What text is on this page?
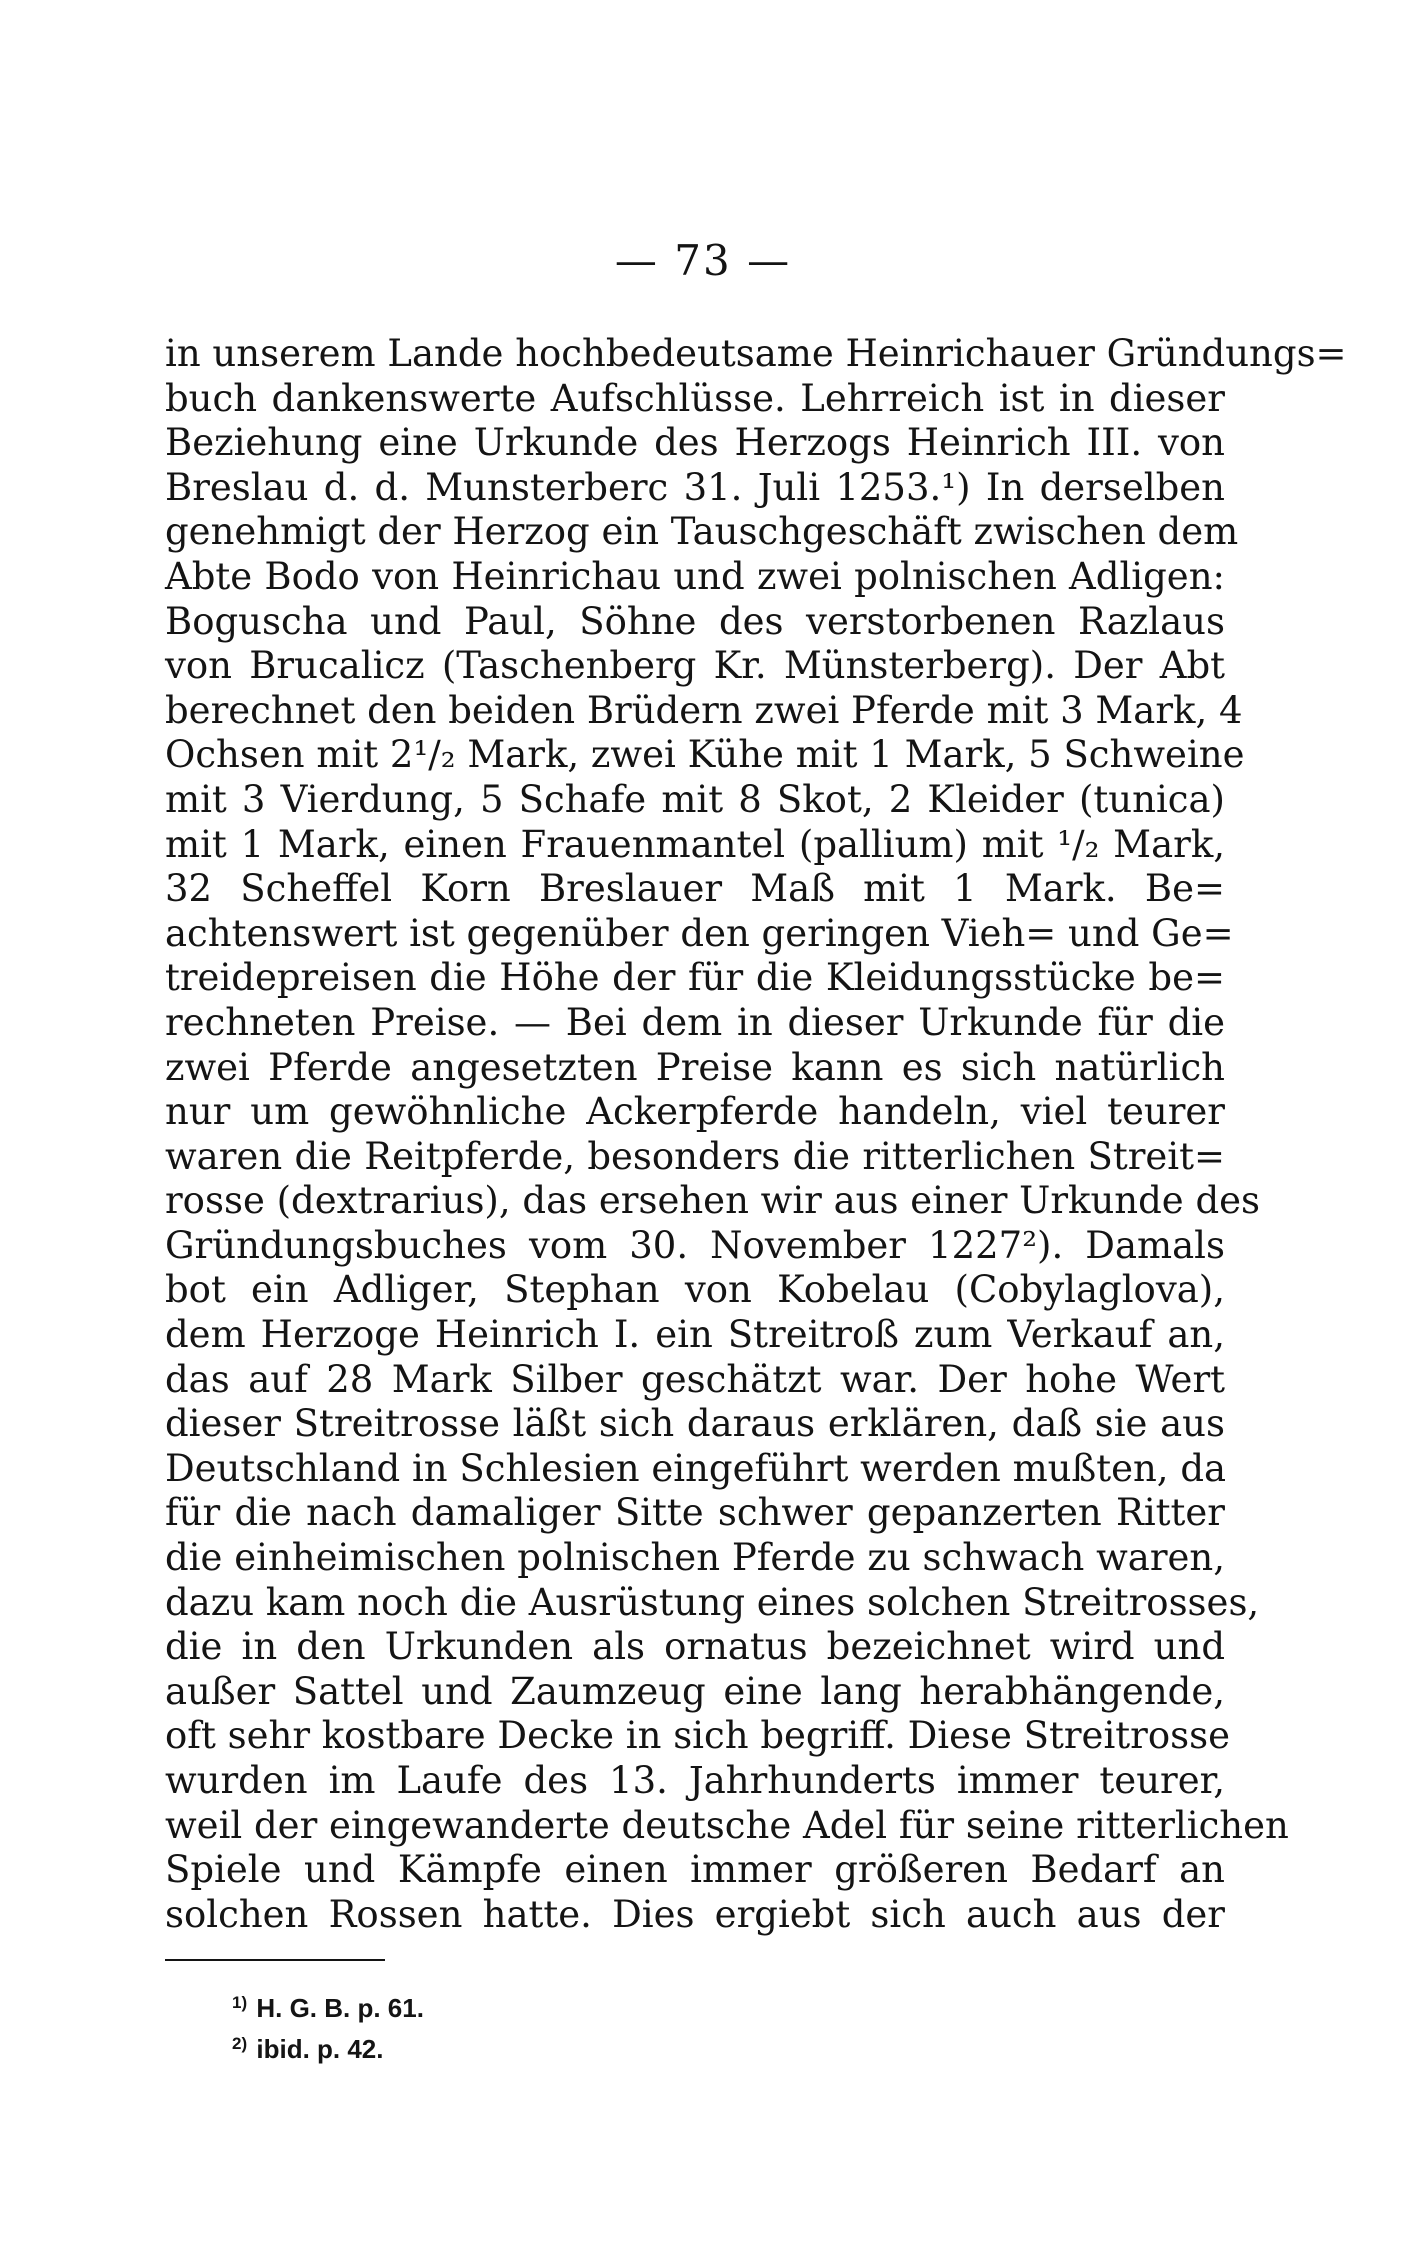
— 73 —
in unserem Lande hochbedeutsame Heinrichauer Gründungs=
buch dankenswerte Aufschlüsse. Lehrreich ist in dieser
Beziehung eine Urkunde des Herzogs Heinrich III. von
Breslau d. d. Munsterberc 31. Juli 1253.¹) In derselben
genehmigt der Herzog ein Tauschgeschäft zwischen dem
Abte Bodo von Heinrichau und zwei polnischen Adligen:
Boguscha und Paul, Söhne des verstorbenen Razlaus
von Brucalicz (Taschenberg Kr. Münsterberg). Der Abt
berechnet den beiden Brüdern zwei Pferde mit 3 Mark, 4
Ochsen mit 2¹/₂ Mark, zwei Kühe mit 1 Mark, 5 Schweine
mit 3 Vierdung, 5 Schafe mit 8 Skot, 2 Kleider (tunica)
mit 1 Mark, einen Frauenmantel (pallium) mit ¹/₂ Mark,
32 Scheffel Korn Breslauer Maß mit 1 Mark. Be=
achtenswert ist gegenüber den geringen Vieh= und Ge=
treidepreisen die Höhe der für die Kleidungsstücke be=
rechneten Preise. — Bei dem in dieser Urkunde für die
zwei Pferde angesetzten Preise kann es sich natürlich
nur um gewöhnliche Ackerpferde handeln, viel teurer
waren die Reitpferde, besonders die ritterlichen Streit=
rosse (dextrarius), das ersehen wir aus einer Urkunde des
Gründungsbuches vom 30. November 1227²). Damals
bot ein Adliger, Stephan von Kobelau (Cobylaglova),
dem Herzoge Heinrich I. ein Streitroß zum Verkauf an,
das auf 28 Mark Silber geschätzt war. Der hohe Wert
dieser Streitrosse läßt sich daraus erklären, daß sie aus
Deutschland in Schlesien eingeführt werden mußten, da
für die nach damaliger Sitte schwer gepanzerten Ritter
die einheimischen polnischen Pferde zu schwach waren,
dazu kam noch die Ausrüstung eines solchen Streitrosses,
die in den Urkunden als ornatus bezeichnet wird und
außer Sattel und Zaumzeug eine lang herabhängende,
oft sehr kostbare Decke in sich begriff. Diese Streitrosse
wurden im Laufe des 13. Jahrhunderts immer teurer,
weil der eingewanderte deutsche Adel für seine ritterlichen
Spiele und Kämpfe einen immer größeren Bedarf an
solchen Rossen hatte. Dies ergiebt sich auch aus der
$^{1)}$ H. G. B. p. 61.
$^{2)}$ ibid. p. 42.
